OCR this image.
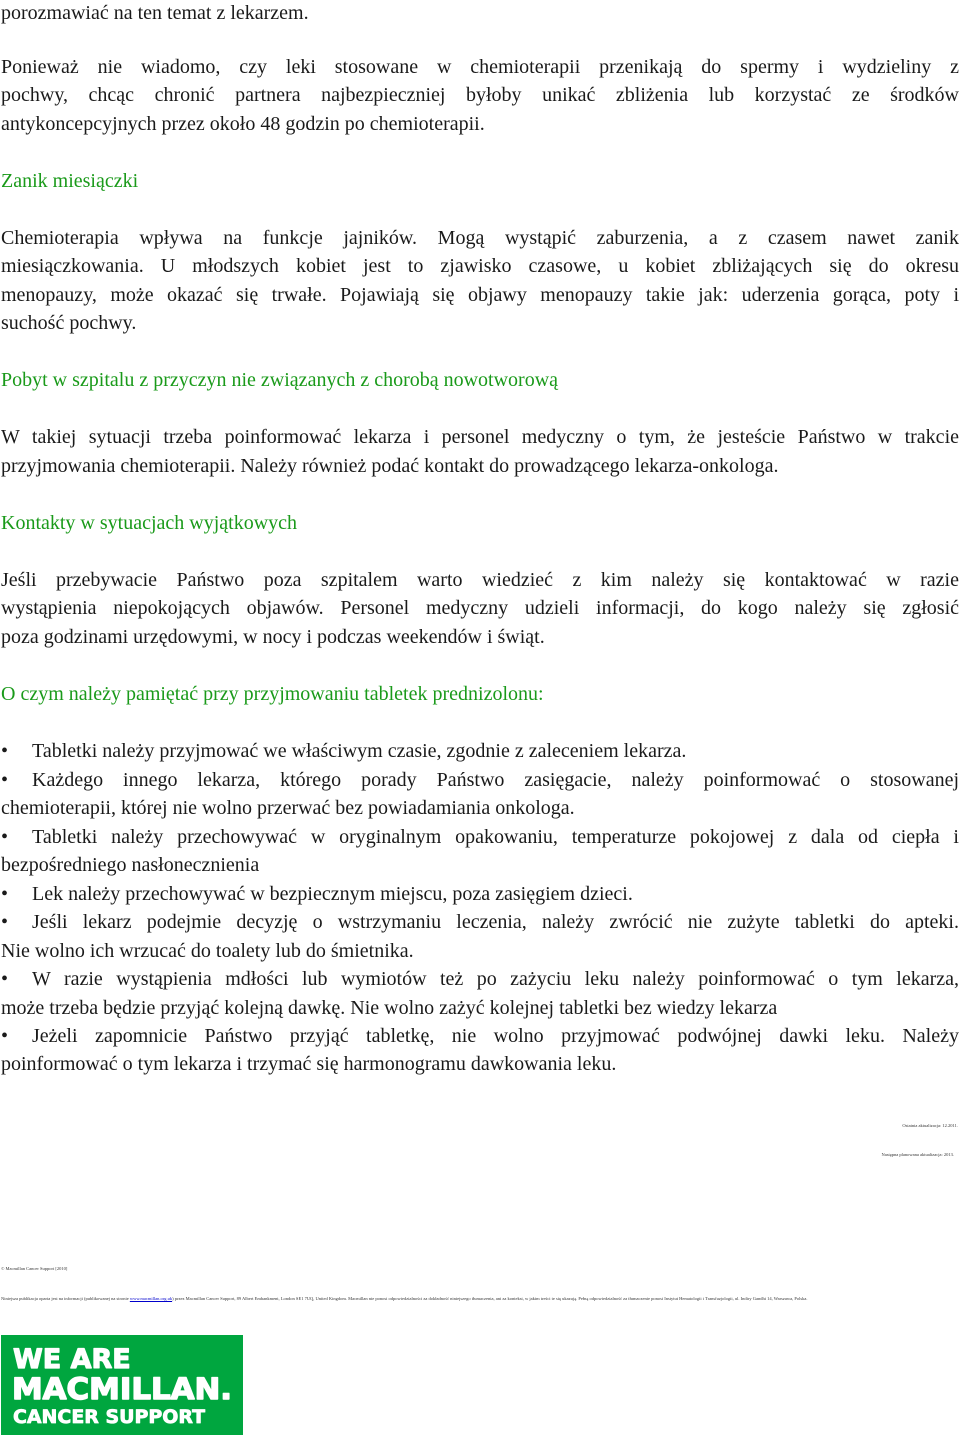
porozmawiać na ten temat z lekarzem.
Ponieważ nie wiadomo, czy leki stosowane w chemioterapii przenikają do spermy i wydzieliny z
pochwy, chcąc chronić partnera najbezpieczniej byłoby unikać zbliżenia lub korzystać ze środków
antykoncepcyjnych przez około 48 godzin po chemioterapii.
Zanik miesiączki
Chemioterapia wpływa na funkcje jajników. Mogą wystąpić zaburzenia, a z czasem nawet zanik
miesiączkowania. U młodszych kobiet jest to zjawisko czasowe, u kobiet zbliżających się do okresu
menopauzy, może okazać się trwałe. Pojawiają się objawy menopauzy takie jak: uderzenia gorąca, poty i
suchość pochwy.
Pobyt w szpitalu z przyczyn nie związanych z chorobą nowotworową
W takiej sytuacji trzeba poinformować lekarza i personel medyczny o tym, że jesteście Państwo w trakcie
przyjmowania chemioterapii. Należy również podać kontakt do prowadzącego lekarza-onkologa.
Kontakty w sytuacjach wyjątkowych
Jeśli przebywacie Państwo poza szpitalem warto wiedzieć z kim należy się kontaktować w razie
wystąpienia niepokojących objawów. Personel medyczny udzieli informacji, do kogo należy się zgłosić
poza godzinami urzędowymi, w nocy i podczas weekendów i świąt.
O czym należy pamiętać przy przyjmowaniu tabletek prednizolonu:
•	Tabletki należy przyjmować we właściwym czasie, zgodnie z zaleceniem lekarza.
•	Każdego innego lekarza, którego porady Państwo zasięgacie, należy poinformować o stosowanej
chemioterapii, której nie wolno przerwać bez powiadamiania onkologa.
•	Tabletki należy przechowywać w oryginalnym opakowaniu, temperaturze pokojowej z dala od ciepła i
bezpośredniego nasłonecznienia
•	Lek należy przechowywać w bezpiecznym miejscu, poza zasięgiem dzieci.
•	Jeśli lekarz podejmie decyzję o wstrzymaniu leczenia, należy zwrócić nie zużyte tabletki do apteki.
Nie wolno ich wrzucać do toalety lub do śmietnika.
•	W razie wystąpienia mdłości lub wymiotów też po zażyciu leku należy poinformować o tym lekarza,
może trzeba będzie przyjąć kolejną dawkę. Nie wolno zażyć kolejnej tabletki bez wiedzy lekarza
•	Jeżeli zapomnicie Państwo przyjąć tabletkę, nie wolno przyjmować podwójnej dawki leku. Należy
poinformować o tym lekarza i trzymać się harmonogramu dawkowania leku.
Ostatnia aktualizacja: 12.2011.
Następna planowana aktualizacja: 2013.
© Macmillan Cancer Support [2010]
Niniejsza publikacja oparta jest na informacji (publikowanej na stronie www.macmillan.org.uk) przez Macmillan Cancer Support, 89 Albert Embankment, London SE1 7UQ, United Kingdom. Macmillan nie ponosi odpowiedzialności za dokładność niniejszego tłumaczenia, ani za kontekst, w jakim treści te się ukazują. Pełną odpowiedzialność za tłumaczenie ponosi Instytut Hematologii i Transfuzjologii, ul. Indiry Gandhi 14, Warszawa, Polska.
WE ARE
MACMILLAN.
CANCER SUPPORT
